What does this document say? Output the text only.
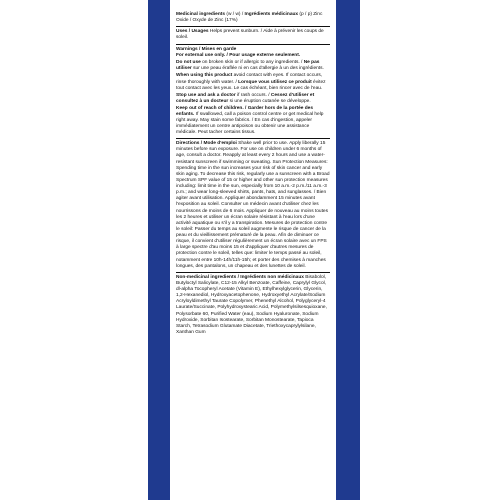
Medicinal ingredients (w / w) / Ingrédients médicinaux (p / p) Zinc Oxide / Oxyde de Zinc (17%)

Uses / Usages Helps prevent sunburn. / Aide à prévenir les coups de soleil.

Warnings / Mises en garde

For external use only. / Pour usage externe seulement.

Do not use on broken skin or if allergic to any ingredients. / Ne pas utiliser sur une peau éraflée ni en cas d'allergie à un des ingrédients.

When using this product avoid contact with eyes. If contact occurs, rinse thoroughly with water. / Lorsque vous utilisez ce produit évitez tout contact avec les yeux. Le cas échéant, bien rincer avec de l'eau.

Stop use and ask a doctor if rash occurs. / Cessez d'utiliser et consultez à un docteur si une éruption cutanée se développe.

Keep out of reach of children. / Garder hors de la portée des enfants. If swallowed, call a poison control centre or get medical help right away. May stain some fabrics. / En cas d'ingestion, appeler immédiatement un centre antipoison ou obtenir une assistance médicale. Peut tacher certains tissus.

Directions / Mode d'emploi Shake well prior to use. Apply liberally 15 minutes before sun exposure. For use on children under 6 months of age, consult a doctor. Reapply at least every 2 hours and use a water-resistant sunscreen if swimming or sweating. Sun Protection Measures: Spending time in the sun increases your risk of skin cancer and early skin aging. To decrease this risk, regularly use a sunscreen with a Broad Spectrum SPF value of 15 or higher and other sun protection measures including: limit time in the sun, especially from 10 a.m.-2 p.m./11 a.m.-3 p.m.; and wear long-sleeved shirts, pants, hats, and sunglasses. / Bien agiter avant utilisation. Appliquer abondamment 15 minutes avant l'exposition au soleil. Consulter un médecin avant d'utiliser chez les nourrissons de moins de 6 mois. Appliquer de nouveau au moins toutes les 2 heures et utiliser un écran solaire résistant à l'eau lors d'une activité aquatique ou s'il y a transpiration. Mesures de protection contre le soleil: Passer du temps au soleil augmente le risque de cancer de la peau et du vieillissement prématuré de la peau. Afin de diminuer ce risque, il convient d'utiliser régulièrement un écran solaire avec un FPS à large spectre d'au moins 15 et d'appliquer d'autres mesures de protection contre le soleil, telles que: limiter le temps passé au soleil, notamment entre 10h-14h/11h-15h; et porter des chemises à manches longues, des pantalons, un chapeau et des lunettes de soleil.

Non-medicinal ingredients / Ingrédients non médicinaux Bisabolol, Butyloctyl Salicylate, C12-15 Alkyl Benzoate, Caffeine, Caprylyl Glycol, dl-alpha Tocopheryl Acetate (Vitamin E), Ethylhexylglycerin, Glycerin, 1,2-Hexanediol, Hydroxyacetophenone, Hydroxyethyl Acrylate/Sodium Acryloyldimethyl Taurate Copolymer, Phenethyl Alcohol, Polyglyceryl-4 Laurate/Succinate, Polyhydroxystearic Acid, Polymethylsilsesquioxane, Polysorbate 60, Purified Water (eau), Sodium Hyaluronate, Sodium Hydroxide, Sorbitan Isostearate, Sorbitan Monostearate, Tapioca Starch, Tetrasodium Glutamate Diacetate, Triethoxycaprylylsilane, Xanthan Gum
